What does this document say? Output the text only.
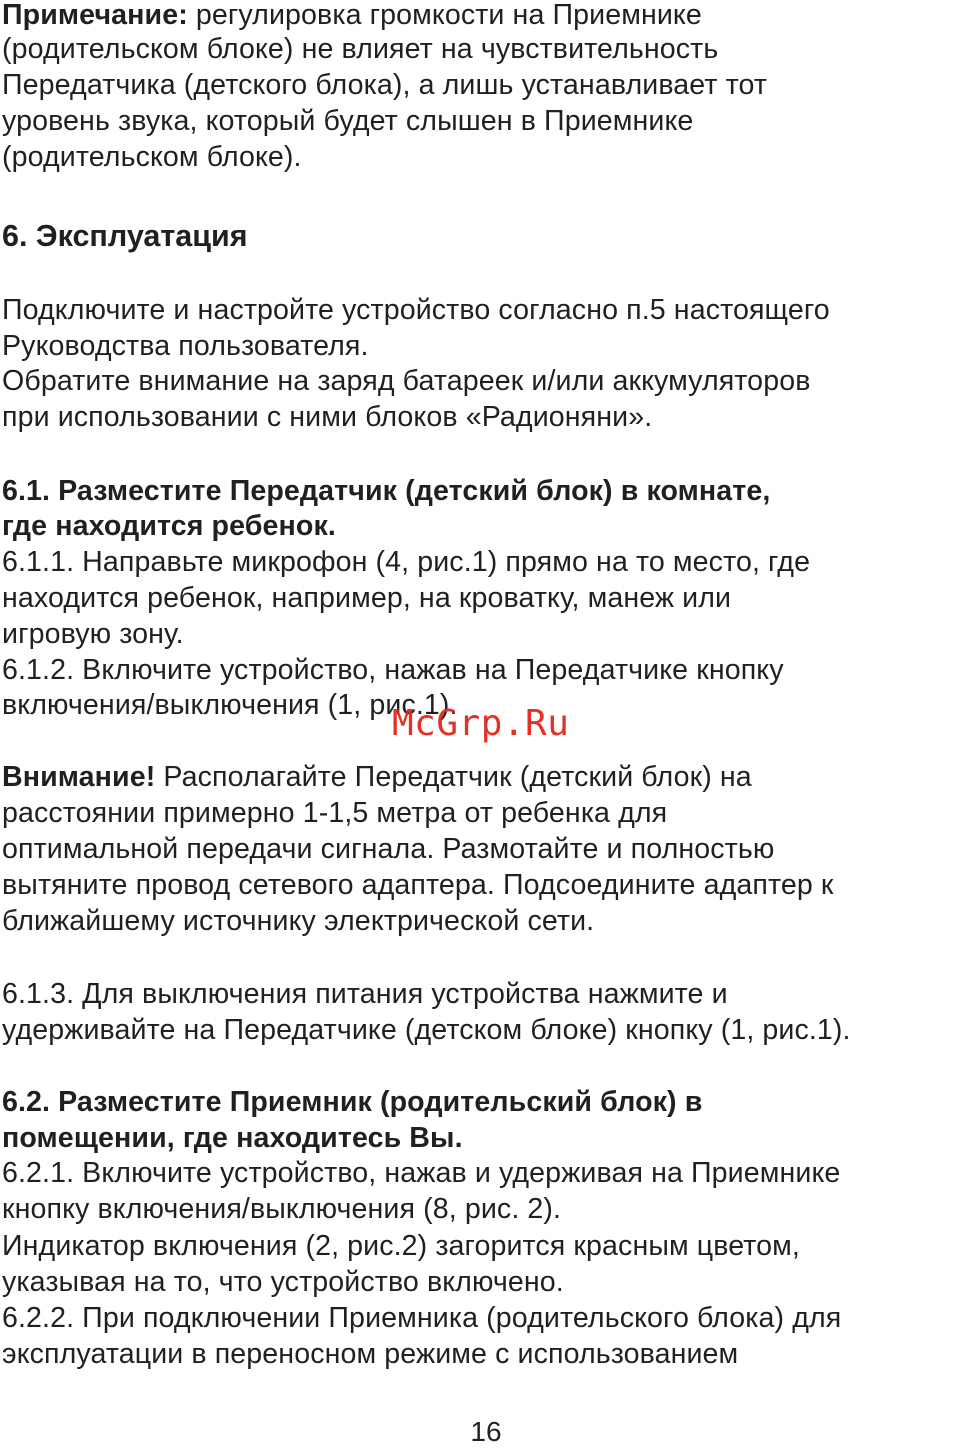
Примечание: регулировка громкости на Приемнике
(родительском блоке) не влияет на чувствительность
Передатчика (детского блока), а лишь устанавливает тот
уровень звука, который будет слышен в Приемнике
(родительском блоке).
6. Эксплуатация
Подключите и настройте устройство согласно п.5 настоящего
Руководства пользователя.
Обратите внимание на заряд батареек и/или аккумуляторов
при использовании с ними блоков «Радионяни».
6.1. Разместите Передатчик (детский блок) в комнате,
где находится ребенок.
6.1.1. Направьте микрофон (4, рис.1) прямо на то место, где
находится ребенок, например, на кроватку, манеж или
игровую зону.
6.1.2. Включите устройство, нажав на Передатчике кнопку
включения/выключения (1, рис.1).
Внимание! Располагайте Передатчик (детский блок) на
расстоянии примерно 1-1,5 метра от ребенка для
оптимальной передачи сигнала. Размотайте и полностью
вытяните провод сетевого адаптера. Подсоедините адаптер к
ближайшему источнику электрической сети.
6.1.3. Для выключения питания устройства нажмите и
удерживайте на Передатчике (детском блоке) кнопку (1, рис.1).
6.2. Разместите Приемник (родительский блок) в
помещении, где находитесь Вы.
6.2.1. Включите устройство, нажав и удерживая на Приемнике
кнопку включения/выключения (8, рис. 2).
Индикатор включения (2, рис.2) загорится красным цветом,
указывая на то, что устройство включено.
6.2.2. При подключении Приемника (родительского блока) для
эксплуатации в переносном режиме с использованием
McGrp.Ru
16
